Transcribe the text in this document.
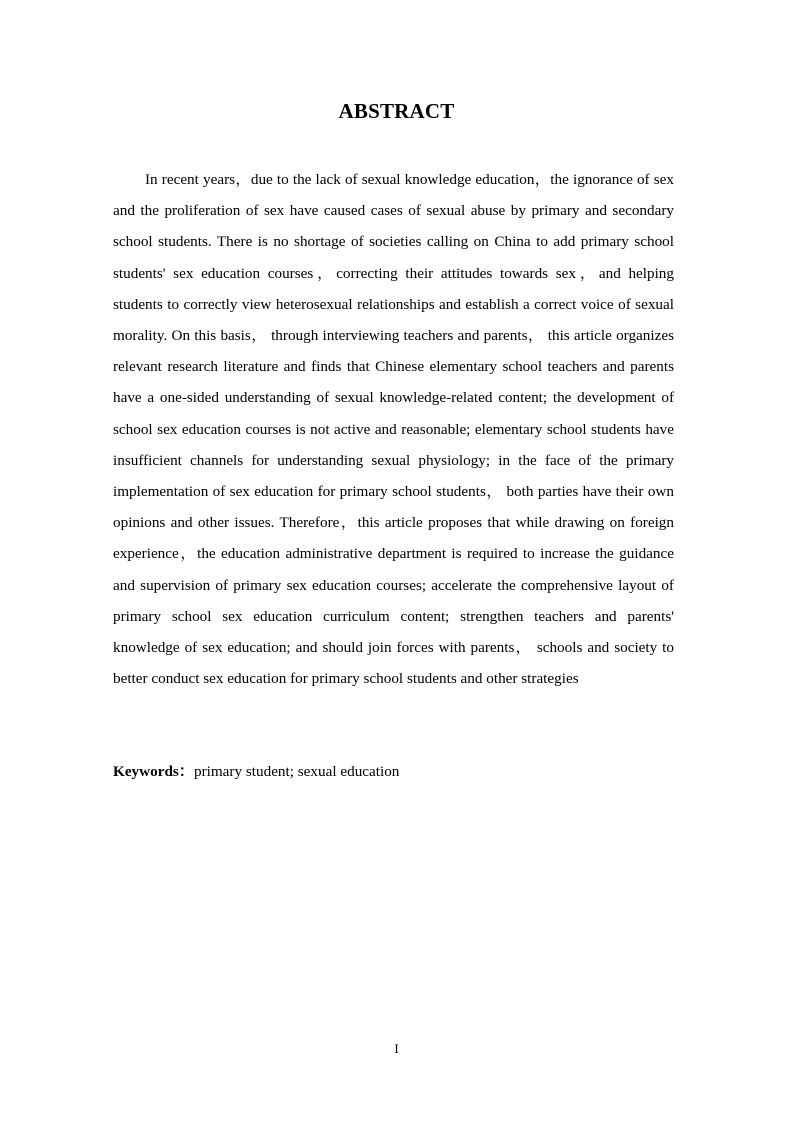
ABSTRACT

In recent years，due to the lack of sexual knowledge education，the ignorance of sex and the proliferation of sex have caused cases of sexual abuse by primary and secondary school students. There is no shortage of societies calling on China to add primary school students' sex education courses，correcting their attitudes towards sex，and helping students to correctly view heterosexual relationships and establish a correct voice of sexual morality. On this basis， through interviewing teachers and parents， this article organizes relevant research literature and finds that Chinese elementary school teachers and parents have a one-sided understanding of sexual knowledge-related content; the development of school sex education courses is not active and reasonable; elementary school students have insufficient channels for understanding sexual physiology; in the face of the primary implementation of sex education for primary school students， both parties have their own opinions and other issues. Therefore，this article proposes that while drawing on foreign experience，the education administrative department is required to increase the guidance and supervision of primary sex education courses; accelerate the comprehensive layout of primary school sex education curriculum content; strengthen teachers and parents' knowledge of sex education; and should join forces with parents， schools and society to better conduct sex education for primary school students and other strategies

Keywords：primary student; sexual education

I
